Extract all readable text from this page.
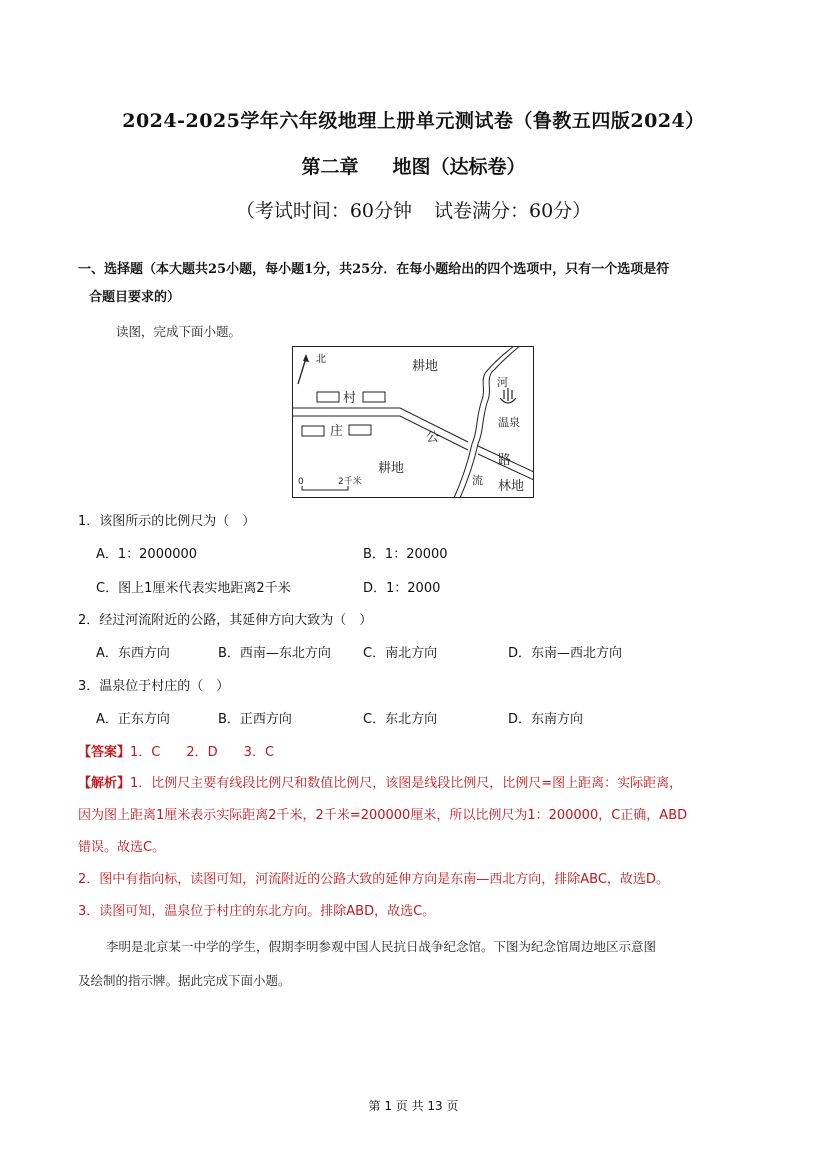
2024-2025学年六年级地理上册单元测试卷（鲁教五四版2024）
第二章 地图（达标卷）
（考试时间：60分钟 试卷满分：60分）
一、选择题（本大题共25小题，每小题1分，共25分．在每小题给出的四个选项中，只有一个选项是符
合题目要求的）
读图，完成下面小题。
北	耕地
村
庄	公
路
河
流
温泉
耕地
林地
0	2千米
1．该图所示的比例尺为（　）
A．1：2000000	B．1：20000
C．图上1厘米代表实地距离2千米	D．1：2000
2．经过河流附近的公路，其延伸方向大致为（　）
A．东西方向	B．西南—东北方向 C．南北方向	D．东南—西北方向
3．温泉位于村庄的（　）
A．正东方向	B．正西方向	C．东北方向	D．东南方向
【答案】1．C 2．D 3．C
【解析】1．比例尺主要有线段比例尺和数值比例尺，该图是线段比例尺，比例尺=图上距离：实际距离，
因为图上距离1厘米表示实际距离2千米，2千米=200000厘米，所以比例尺为1：200000，C正确，ABD
错误。故选C。
2．图中有指向标，读图可知，河流附近的公路大致的延伸方向是东南—西北方向，排除ABC，故选D。
3．读图可知，温泉位于村庄的东北方向。排除ABD，故选C。
李明是北京某一中学的学生，假期李明参观中国人民抗日战争纪念馆。下图为纪念馆周边地区示意图
及绘制的指示牌。据此完成下面小题。
第 1 页 共 13 页
